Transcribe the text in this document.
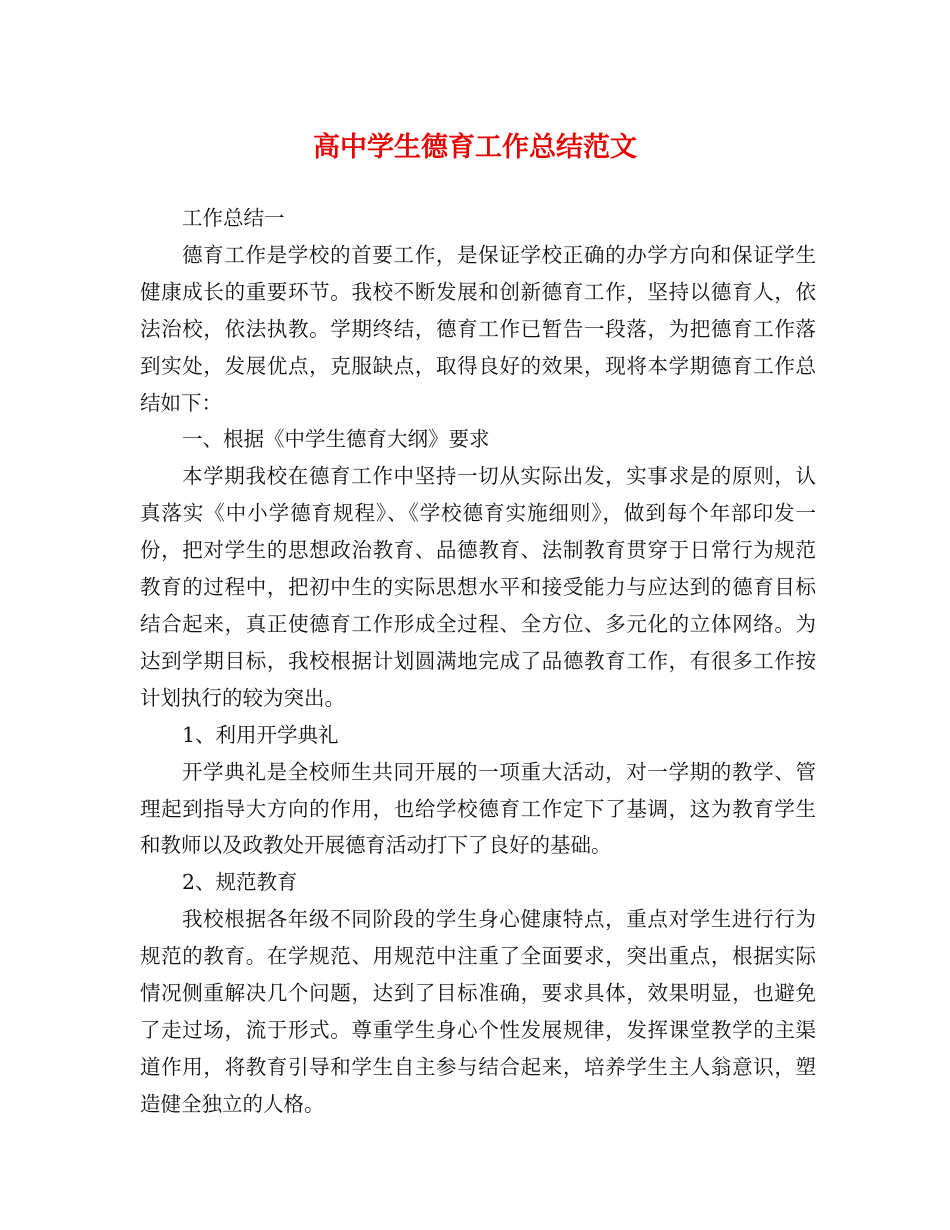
高中学生德育工作总结范文

工作总结一

德育工作是学校的首要工作，是保证学校正确的办学方向和保证学生健康成长的重要环节。我校不断发展和创新德育工作，坚持以德育人，依法治校，依法执教。学期终结，德育工作已暂告一段落，为把德育工作落到实处，发展优点，克服缺点，取得良好的效果，现将本学期德育工作总结如下：

一、根据《中学生德育大纲》要求

本学期我校在德育工作中坚持一切从实际出发，实事求是的原则，认真落实《中小学德育规程》、《学校德育实施细则》，做到每个年部印发一份，把对学生的思想政治教育、品德教育、法制教育贯穿于日常行为规范教育的过程中，把初中生的实际思想水平和接受能力与应达到的德育目标结合起来，真正使德育工作形成全过程、全方位、多元化的立体网络。为达到学期目标，我校根据计划圆满地完成了品德教育工作，有很多工作按计划执行的较为突出。

1、利用开学典礼

开学典礼是全校师生共同开展的一项重大活动，对一学期的教学、管理起到指导大方向的作用，也给学校德育工作定下了基调，这为教育学生和教师以及政教处开展德育活动打下了良好的基础。

2、规范教育

我校根据各年级不同阶段的学生身心健康特点，重点对学生进行行为规范的教育。在学规范、用规范中注重了全面要求，突出重点，根据实际情况侧重解决几个问题，达到了目标准确，要求具体，效果明显，也避免了走过场，流于形式。尊重学生身心个性发展规律，发挥课堂教学的主渠道作用，将教育引导和学生自主参与结合起来，培养学生主人翁意识，塑造健全独立的人格。
